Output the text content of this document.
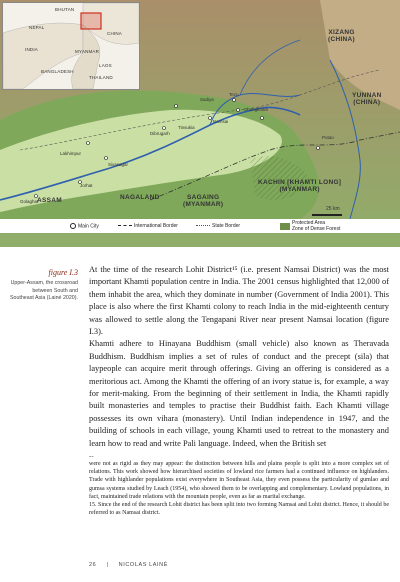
BHUTAN
NEPAL
CHINA
INDIA	MYANMAR
LAOS
BANGLADESH
THAILAND
XIZANG
(CHINA)
YUNNAN
(CHINA)
ASSAM	NAGALAND	SAGAING
(MYANMAR)
KACHIN [KHAMTI LONG]
(MYANMAR)
Tezu
Chongkham
Sadiya
Namsai
Dibrugarh
Tinsukia
Lakhimpur
Sivasagar
Jorhat
Putao
Golaghat
25 km
Main City	International Border	State Border	Protected Area
Zone of Dense Forest
figure I.3
Upper-Assam, the crossroad between South and Southeast Asia (Lainé 2020).

At the time of the research Lohit District¹⁵ (i.e. present Namsai District) was the most important Khamti population centre in India. The 2001 census highlighted that 12,000 of them inhabit the area, which they dominate in number (Government of India 2001). This place is also where the first Khamti colony to reach India in the mid-eighteenth century was allowed to settle along the Tengapani River near present Namsai location (figure I.3).

Khamti adhere to Hinayana Buddhism (small vehicle) also known as Theravada Buddhism. Buddhism implies a set of rules of conduct and the precept (sila) that laypeople can acquire merit through offerings. Giving an offering is considered as a meritorious act. Among the Khamti the offering of an ivory statue is, for example, a way for merit-making. From the beginning of their settlement in India, the Khamti rapidly built monasteries and temples to practise their Buddhist faith. Each Khamti village possesses its own vihara (monastery). Until Indian independence in 1947, and the building of schools in each village, young Khamti used to retreat to the monastery and learn how to read and write Pali language. Indeed, when the British set

--

were not as rigid as they may appear: the distinction between hills and plains people is split into a more complex set of relations. This work showed how hierarchised societies of lowland rice farmers had a continued influence on highlanders. Trade with highlander populations exist everywhere in Southeast Asia, they even possess the particularity of gumlao and gumsa systems studied by Leach (1954), who showed them to be overlapping and complementary. Lowland populations, in fact, maintained trade relations with the mountain people, even as far as marital exchange.

15. Since the end of the research Lohit district has been split into two forming Namsai and Lohit district. Hence, it should be referred to as Namsai district.

26 | NICOLAS LAINÉ
